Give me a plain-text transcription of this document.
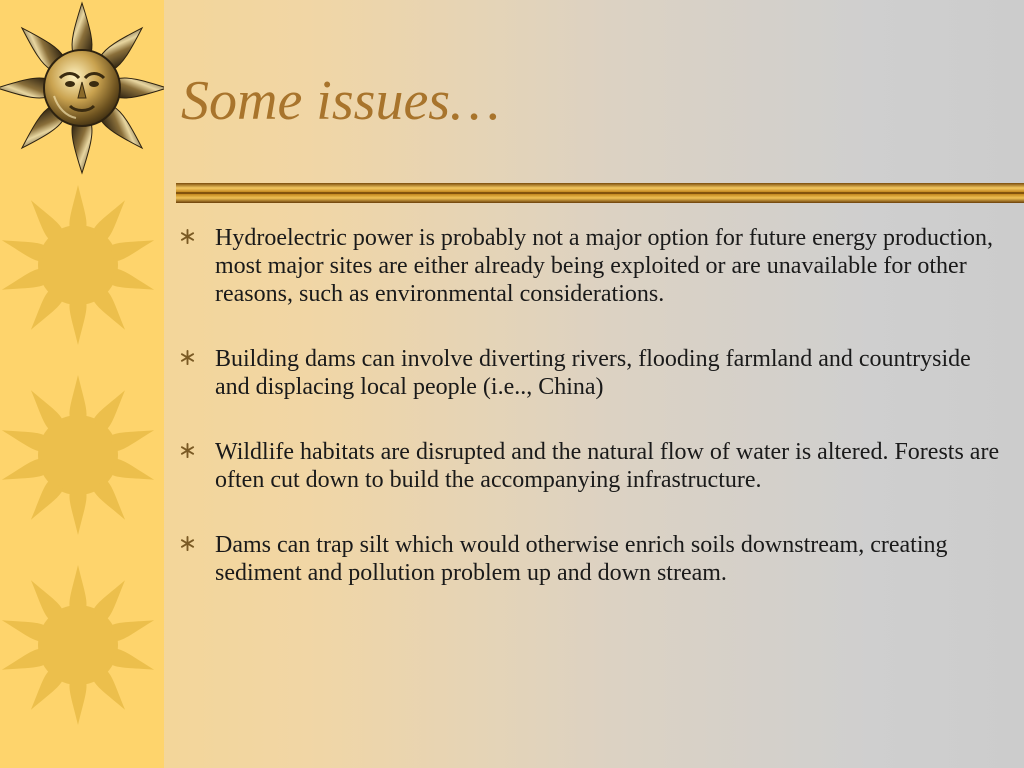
Some issues…
Hydroelectric power is probably not a major option for future energy production, most major sites are either already being exploited or are unavailable for other reasons, such as environmental considerations.
Building dams can involve diverting rivers, flooding farmland and countryside and displacing local people (i.e.., China)
Wildlife habitats are disrupted and the natural flow of water is altered. Forests are often cut down to build the accompanying infrastructure.
Dams can trap silt which would otherwise enrich soils downstream, creating sediment and pollution problem up and down stream.
